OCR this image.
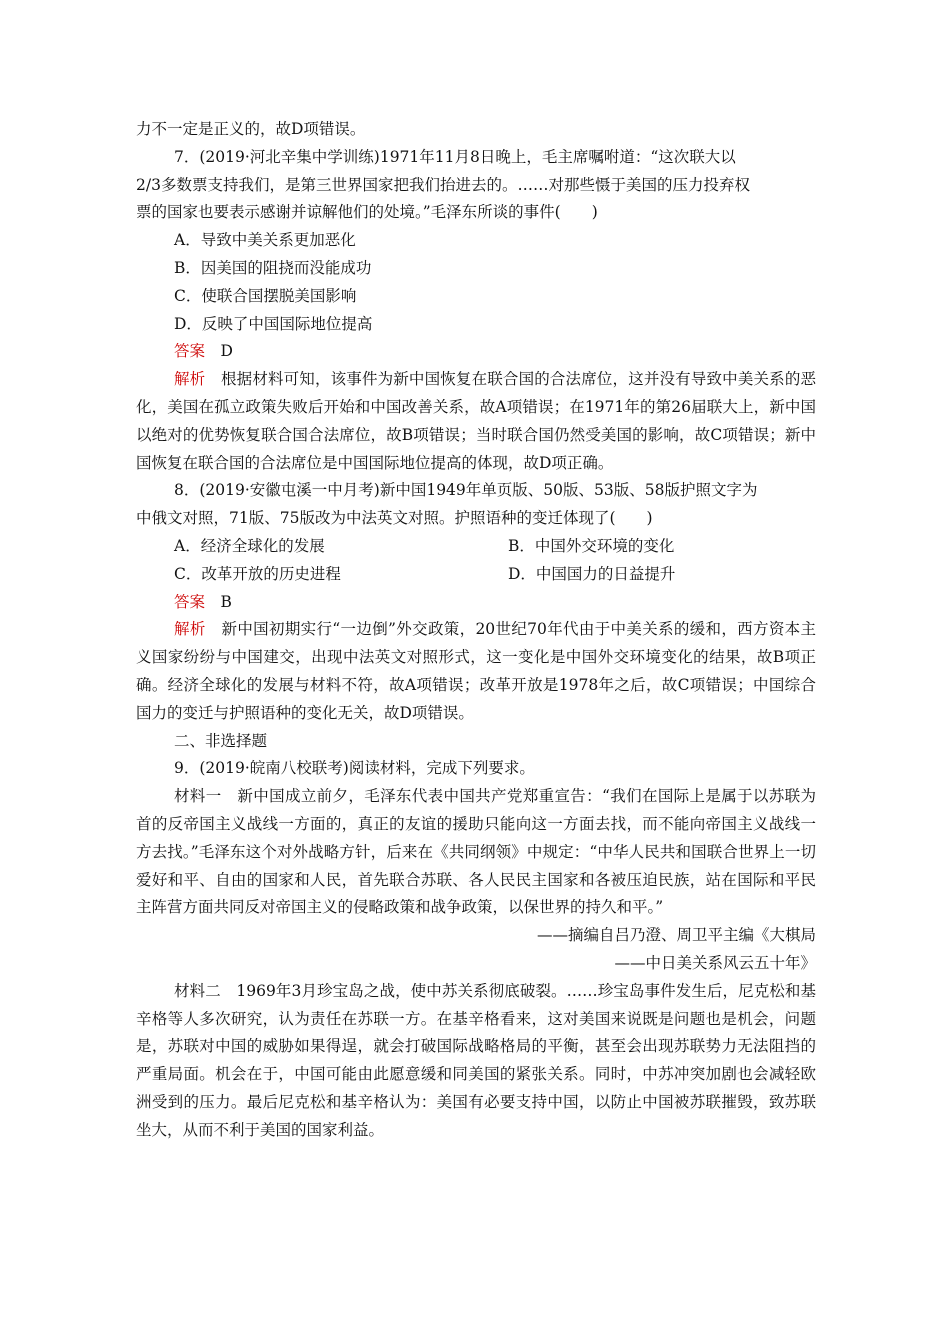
力不一定是正义的，故D项错误。
7．(2019·河北辛集中学训练)1971年11月8日晚上，毛主席嘱咐道：“这次联大以
2/3多数票支持我们，是第三世界国家把我们抬进去的。……对那些慑于美国的压力投弃权
票的国家也要表示感谢并谅解他们的处境。”毛泽东所谈的事件(　　)
A．导致中美关系更加恶化
B．因美国的阻挠而没能成功
C．使联合国摆脱美国影响
D．反映了中国国际地位提高
答案　D
解析　根据材料可知，该事件为新中国恢复在联合国的合法席位，这并没有导致中美关系的恶化，美国在孤立政策失败后开始和中国改善关系，故A项错误；在1971年的第26届联大上，新中国以绝对的优势恢复联合国合法席位，故B项错误；当时联合国仍然受美国的影响，故C项错误；新中国恢复在联合国的合法席位是中国国际地位提高的体现，故D项正确。
8．(2019·安徽屯溪一中月考)新中国1949年单页版、50版、53版、58版护照文字为
中俄文对照，71版、75版改为中法英文对照。护照语种的变迁体现了(　　)
A．经济全球化的发展	B．中国外交环境的变化
C．改革开放的历史进程	D．中国国力的日益提升
答案　B
解析　新中国初期实行“一边倒”外交政策，20世纪70年代由于中美关系的缓和，西方资本主义国家纷纷与中国建交，出现中法英文对照形式，这一变化是中国外交环境变化的结果，故B项正确。经济全球化的发展与材料不符，故A项错误；改革开放是1978年之后，故C项错误；中国综合国力的变迁与护照语种的变化无关，故D项错误。
二、非选择题
9．(2019·皖南八校联考)阅读材料，完成下列要求。
材料一　新中国成立前夕，毛泽东代表中国共产党郑重宣告：“我们在国际上是属于以苏联为首的反帝国主义战线一方面的，真正的友谊的援助只能向这一方面去找，而不能向帝国主义战线一方去找。”毛泽东这个对外战略方针，后来在《共同纲领》中规定：“中华人民共和国联合世界上一切爱好和平、自由的国家和人民，首先联合苏联、各人民民主国家和各被压迫民族，站在国际和平民主阵营方面共同反对帝国主义的侵略政策和战争政策，以保世界的持久和平。”
——摘编自吕乃澄、周卫平主编《大棋局
——中日美关系风云五十年》
材料二　1969年3月珍宝岛之战，使中苏关系彻底破裂。……珍宝岛事件发生后，尼克松和基辛格等人多次研究，认为责任在苏联一方。在基辛格看来，这对美国来说既是问题也是机会，问题是，苏联对中国的威胁如果得逞，就会打破国际战略格局的平衡，甚至会出现苏联势力无法阻挡的严重局面。机会在于，中国可能由此愿意缓和同美国的紧张关系。同时，中苏冲突加剧也会减轻欧洲受到的压力。最后尼克松和基辛格认为：美国有必要支持中国，以防止中国被苏联摧毁，致苏联坐大，从而不利于美国的国家利益。
